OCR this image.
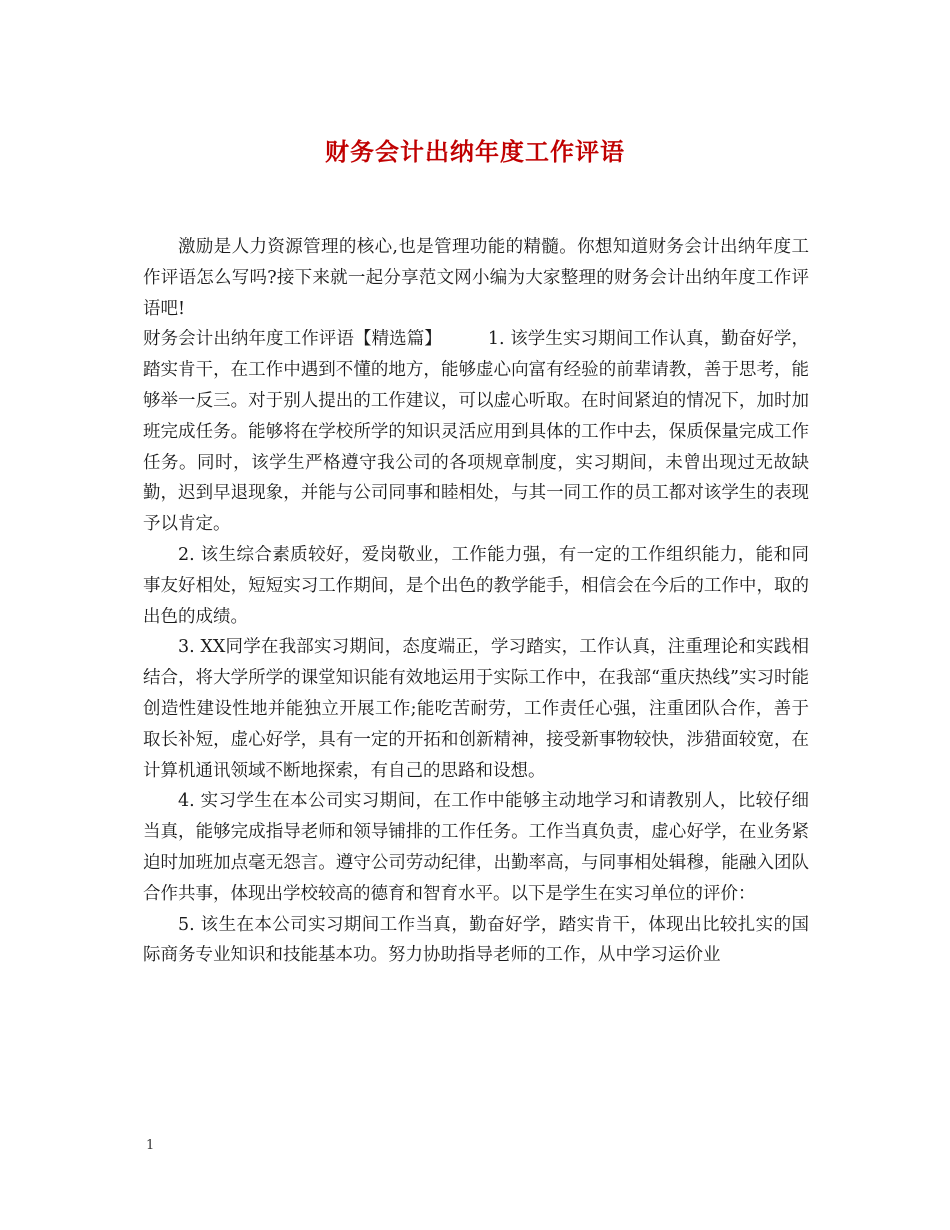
财务会计出纳年度工作评语

激励是人力资源管理的核心,也是管理功能的精髓。你想知道财务会计出纳年度工作评语怎么写吗?接下来就一起分享范文网小编为大家整理的财务会计出纳年度工作评语吧!

财务会计出纳年度工作评语【精选篇】	1. 该学生实习期间工作认真，勤奋好学，踏实肯干，在工作中遇到不懂的地方，能够虚心向富有经验的前辈请教，善于思考，能够举一反三。对于别人提出的工作建议，可以虚心听取。在时间紧迫的情况下，加时加班完成任务。能够将在学校所学的知识灵活应用到具体的工作中去，保质保量完成工作任务。同时，该学生严格遵守我公司的各项规章制度，实习期间，未曾出现过无故缺勤，迟到早退现象，并能与公司同事和睦相处，与其一同工作的员工都对该学生的表现予以肯定。

2. 该生综合素质较好，爱岗敬业，工作能力强，有一定的工作组织能力，能和同事友好相处，短短实习工作期间，是个出色的教学能手，相信会在今后的工作中，取的出色的成绩。

3. XX同学在我部实习期间，态度端正，学习踏实，工作认真，注重理论和实践相结合，将大学所学的课堂知识能有效地运用于实际工作中，在我部“重庆热线”实习时能创造性建设性地并能独立开展工作;能吃苦耐劳，工作责任心强，注重团队合作，善于取长补短，虚心好学，具有一定的开拓和创新精神，接受新事物较快，涉猎面较宽，在计算机通讯领域不断地探索，有自己的思路和设想。

4. 实习学生在本公司实习期间，在工作中能够主动地学习和请教别人，比较仔细当真，能够完成指导老师和领导铺排的工作任务。工作当真负责，虚心好学，在业务紧迫时加班加点毫无怨言。遵守公司劳动纪律，出勤率高，与同事相处辑穆，能融入团队合作共事，体现出学校较高的德育和智育水平。以下是学生在实习单位的评价：

5. 该生在本公司实习期间工作当真，勤奋好学，踏实肯干，体现出比较扎实的国际商务专业知识和技能基本功。努力协助指导老师的工作，从中学习运价业

1
